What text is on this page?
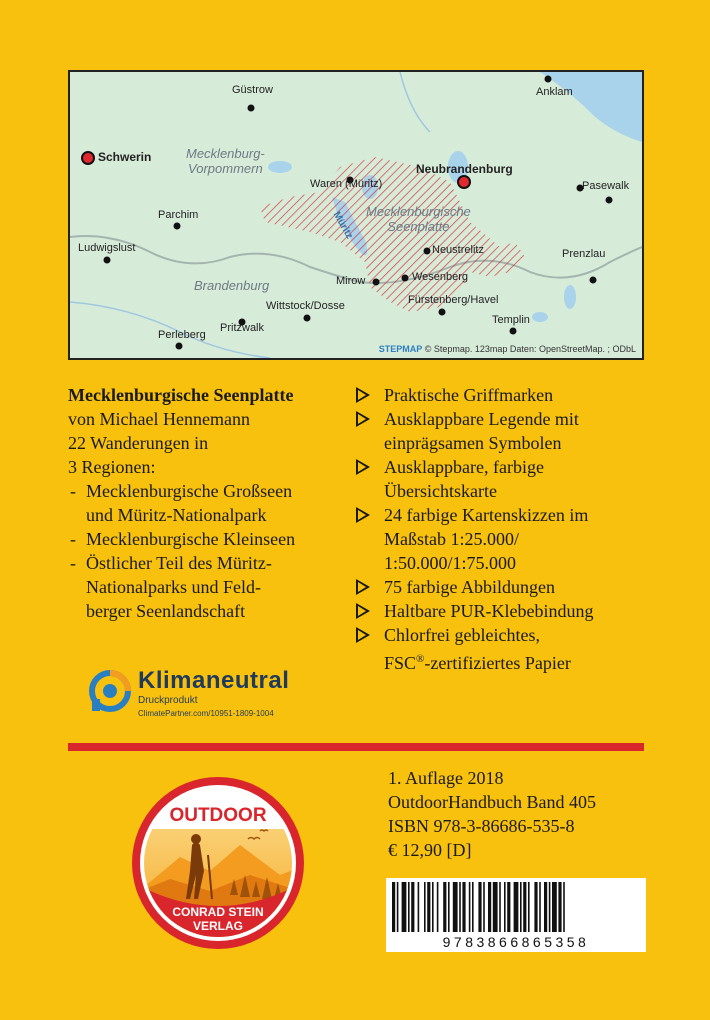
Güstrow	Anklam
Schwerin
Neubrandenburg
Waren (Müritz)	Pasewalk
Parchim
Ludwigslust	Neustrelitz	Prenzlau
Mirow	Wesenberg
Wittstock/Dosse	Fürstenberg/Havel
Perleberg
Pritzwalk
Templin
Mecklenburg-
Vorpommern
Mecklenburgische
Seenplatte
Brandenburg
Müritz
STEPMAP © Stepmap. 123map Daten: OpenStreetMap. ; ODbL
Mecklenburgische Seenplatte
von Michael Hennemann
22 Wanderungen in
3 Regionen:
- Mecklenburgische Großseen
und Müritz-Nationalpark
- Mecklenburgische Kleinseen
- Östlicher Teil des Müritz-
Nationalparks und Feld-
berger Seenlandschaft
Praktische Griffmarken
Ausklappbare Legende mit
einprägsamen Symbolen
Ausklappbare, farbige
Übersichtskarte
24 farbige Kartenskizzen im
Maßstab 1:25.000/
1:50.000/1:75.000
75 farbige Abbildungen
Haltbare PUR-Klebebindung
Chlorfrei gebleichtes,
FSC®-zertifiziertes Papier
Klimaneutral
Druckprodukt
ClimatePartner.com/10951-1809-1004
OUTDOOR
CONRAD STEIN
VERLAG
1. Auflage 2018
OutdoorHandbuch Band 405
ISBN 978-3-86686-535-8
€ 12,90 [D]
9783866865358
